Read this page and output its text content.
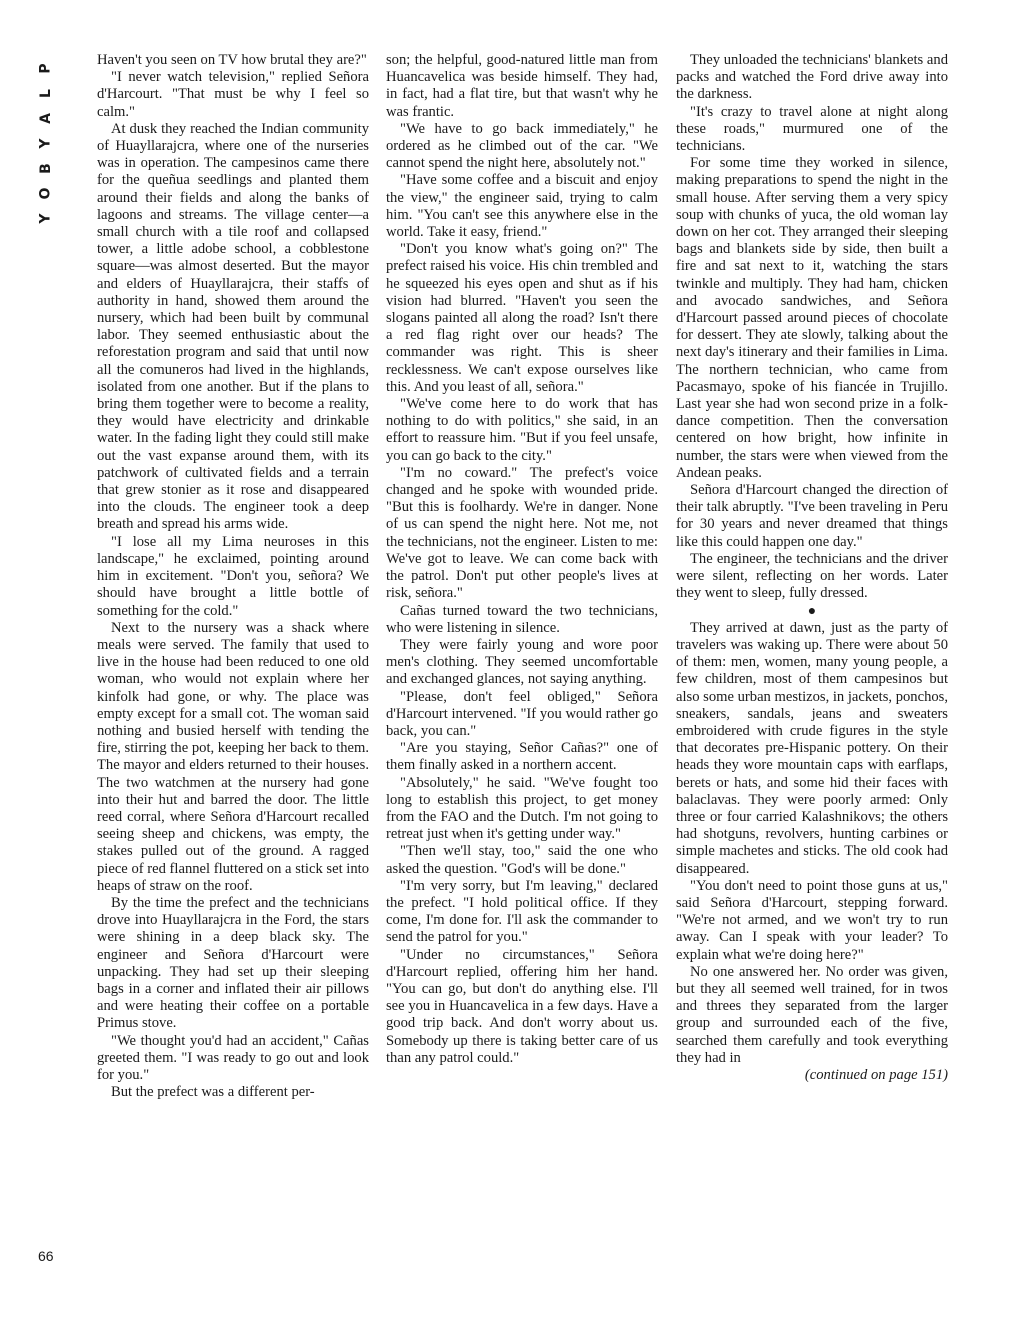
P
L
A
Y
B
O
Y
66

Haven't you seen on TV how brutal they are?"

"I never watch television," replied Señora d'Harcourt. "That must be why I feel so calm."

At dusk they reached the Indian community of Huayllarajcra, where one of the nurseries was in operation. The campesinos came there for the queñua seedlings and planted them around their fields and along the banks of lagoons and streams. The village center—a small church with a tile roof and collapsed tower, a little adobe school, a cobblestone square—was almost deserted. But the mayor and elders of Huayllarajcra, their staffs of authority in hand, showed them around the nursery, which had been built by communal labor. They seemed enthusiastic about the reforestation program and said that until now all the comuneros had lived in the highlands, isolated from one another. But if the plans to bring them together were to become a reality, they would have electricity and drinkable water. In the fading light they could still make out the vast expanse around them, with its patchwork of cultivated fields and a terrain that grew stonier as it rose and disappeared into the clouds. The engineer took a deep breath and spread his arms wide.

"I lose all my Lima neuroses in this landscape," he exclaimed, pointing around him in excitement. "Don't you, señora? We should have brought a little bottle of something for the cold."

Next to the nursery was a shack where meals were served. The family that used to live in the house had been reduced to one old woman, who would not explain where her kinfolk had gone, or why. The place was empty except for a small cot. The woman said nothing and busied herself with tending the fire, stirring the pot, keeping her back to them. The mayor and elders returned to their houses. The two watchmen at the nursery had gone into their hut and barred the door. The little reed corral, where Señora d'Harcourt recalled seeing sheep and chickens, was empty, the stakes pulled out of the ground. A ragged piece of red flannel fluttered on a stick set into heaps of straw on the roof.

By the time the prefect and the technicians drove into Huayllarajcra in the Ford, the stars were shining in a deep black sky. The engineer and Señora d'Harcourt were unpacking. They had set up their sleeping bags in a corner and inflated their air pillows and were heating their coffee on a portable Primus stove.

"We thought you'd had an accident," Cañas greeted them. "I was ready to go out and look for you."

But the prefect was a different per-

son; the helpful, good-natured little man from Huancavelica was beside himself. They had, in fact, had a flat tire, but that wasn't why he was frantic.

"We have to go back immediately," he ordered as he climbed out of the car. "We cannot spend the night here, absolutely not."

"Have some coffee and a biscuit and enjoy the view," the engineer said, trying to calm him. "You can't see this anywhere else in the world. Take it easy, friend."

"Don't you know what's going on?" The prefect raised his voice. His chin trembled and he squeezed his eyes open and shut as if his vision had blurred. "Haven't you seen the slogans painted all along the road? Isn't there a red flag right over our heads? The commander was right. This is sheer recklessness. We can't expose ourselves like this. And you least of all, señora."

"We've come here to do work that has nothing to do with politics," she said, in an effort to reassure him. "But if you feel unsafe, you can go back to the city."

"I'm no coward." The prefect's voice changed and he spoke with wounded pride. "But this is foolhardy. We're in danger. None of us can spend the night here. Not me, not the technicians, not the engineer. Listen to me: We've got to leave. We can come back with the patrol. Don't put other people's lives at risk, señora."

Cañas turned toward the two technicians, who were listening in silence.

They were fairly young and wore poor men's clothing. They seemed uncomfortable and exchanged glances, not saying anything.

"Please, don't feel obliged," Señora d'Harcourt intervened. "If you would rather go back, you can."

"Are you staying, Señor Cañas?" one of them finally asked in a northern accent.

"Absolutely," he said. "We've fought too long to establish this project, to get money from the FAO and the Dutch. I'm not going to retreat just when it's getting under way."

"Then we'll stay, too," said the one who asked the question. "God's will be done."

"I'm very sorry, but I'm leaving," declared the prefect. "I hold political office. If they come, I'm done for. I'll ask the commander to send the patrol for you."

"Under no circumstances," Señora d'Harcourt replied, offering him her hand. "You can go, but don't do anything else. I'll see you in Huancavelica in a few days. Have a good trip back. And don't worry about us. Somebody up there is taking better care of us than any patrol could."

They unloaded the technicians' blankets and packs and watched the Ford drive away into the darkness.

"It's crazy to travel alone at night along these roads," murmured one of the technicians.

For some time they worked in silence, making preparations to spend the night in the small house. After serving them a very spicy soup with chunks of yuca, the old woman lay down on her cot. They arranged their sleeping bags and blankets side by side, then built a fire and sat next to it, watching the stars twinkle and multiply. They had ham, chicken and avocado sandwiches, and Señora d'Harcourt passed around pieces of chocolate for dessert. They ate slowly, talking about the next day's itinerary and their families in Lima. The northern technician, who came from Pacasmayo, spoke of his fiancée in Trujillo. Last year she had won second prize in a folk-dance competition. Then the conversation centered on how bright, how infinite in number, the stars were when viewed from the Andean peaks.

Señora d'Harcourt changed the direction of their talk abruptly. "I've been traveling in Peru for 30 years and never dreamed that things like this could happen one day."

The engineer, the technicians and the driver were silent, reflecting on her words. Later they went to sleep, fully dressed.

●

They arrived at dawn, just as the party of travelers was waking up. There were about 50 of them: men, women, many young people, a few children, most of them campesinos but also some urban mestizos, in jackets, ponchos, sneakers, sandals, jeans and sweaters embroidered with crude figures in the style that decorates pre-Hispanic pottery. On their heads they wore mountain caps with earflaps, berets or hats, and some hid their faces with balaclavas. They were poorly armed: Only three or four carried Kalashnikovs; the others had shotguns, revolvers, hunting carbines or simple machetes and sticks. The old cook had disappeared.

"You don't need to point those guns at us," said Señora d'Harcourt, stepping forward. "We're not armed, and we won't try to run away. Can I speak with your leader? To explain what we're doing here?"

No one answered her. No order was given, but they all seemed well trained, for in twos and threes they separated from the larger group and surrounded each of the five, searched them carefully and took everything they had in

(continued on page 151)
